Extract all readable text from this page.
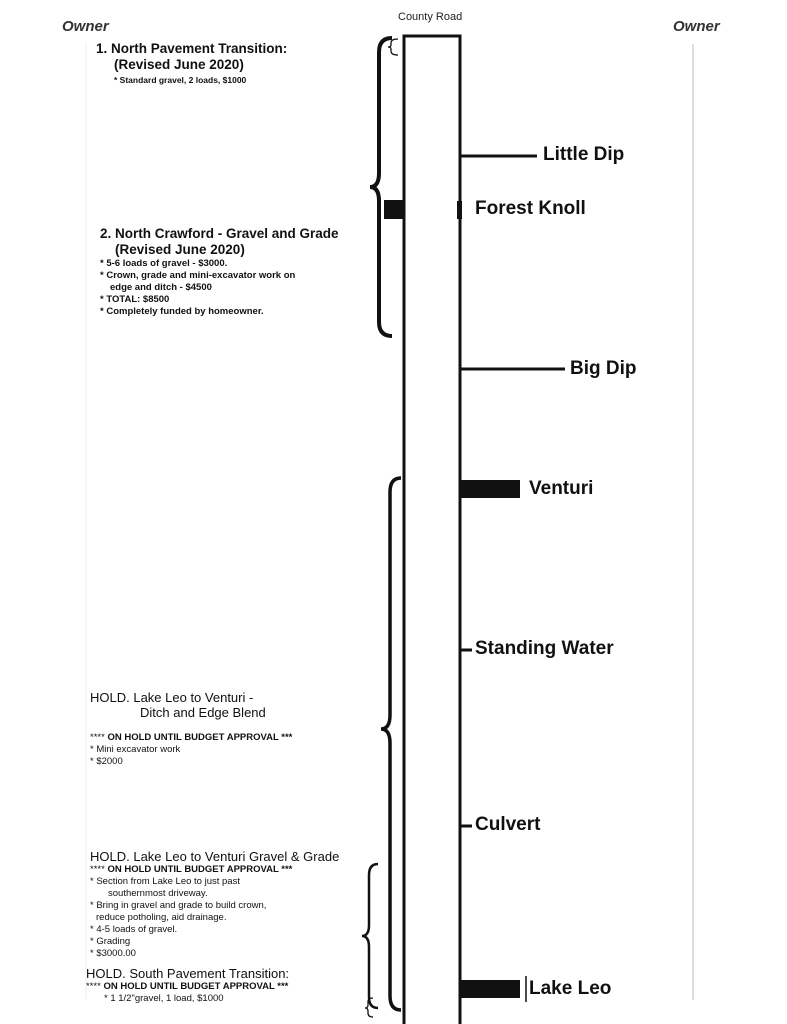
Owner	Owner
County Road
Little Dip
Forest Knoll
Big Dip
Venturi
Standing Water
Culvert
Lake Leo
1. North Pavement Transition:
(Revised June 2020)
* Standard gravel, 2 loads, $1000
2. North Crawford - Gravel and Grade
(Revised June 2020)
* 5-6 loads of gravel - $3000.
* Crown, grade and mini-excavator work on
edge and ditch - $4500
* TOTAL: $8500
* Completely funded by homeowner.
HOLD. Lake Leo to Venturi -
Ditch and Edge Blend
**** ON HOLD UNTIL BUDGET APPROVAL ***
* Mini excavator work
* $2000
HOLD. Lake Leo to Venturi Gravel & Grade
**** ON HOLD UNTIL BUDGET APPROVAL ***
* Section from Lake Leo to just past
southernmost driveway.
* Bring in gravel and grade to build crown,
reduce potholing, aid drainage.
* 4-5 loads of gravel.
* Grading
* $3000.00
HOLD. South Pavement Transition:
**** ON HOLD UNTIL BUDGET APPROVAL ***
* 1 1/2"gravel, 1 load, $1000
